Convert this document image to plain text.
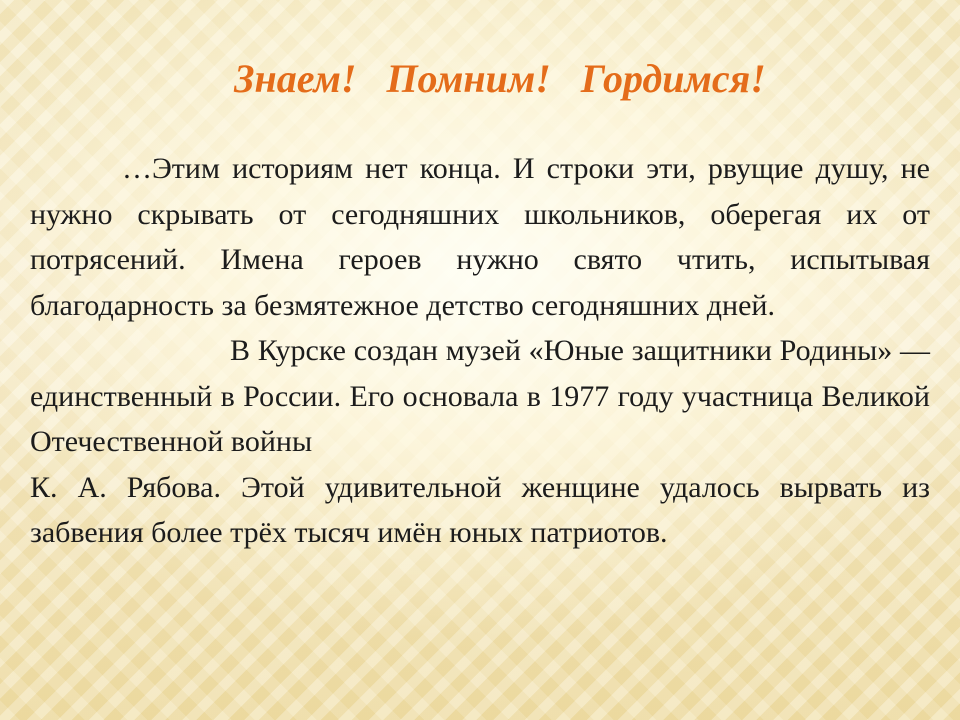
Знаем!   Помним!   Гордимся!

…Этим историям нет конца. И строки эти, рвущие душу, не нужно скрывать от сегодняшних школьников, оберегая их от потрясений. Имена героев нужно свято чтить, испытывая благодарность за безмятежное детство сегодняшних дней.

В Курске создан музей «Юные защитники Родины» — единственный в России. Его основала в 1977 году участница Великой Отечественной войны

К. А. Рябова. Этой удивительной женщине удалось вырвать из забвения более трёх тысяч имён юных патриотов.
